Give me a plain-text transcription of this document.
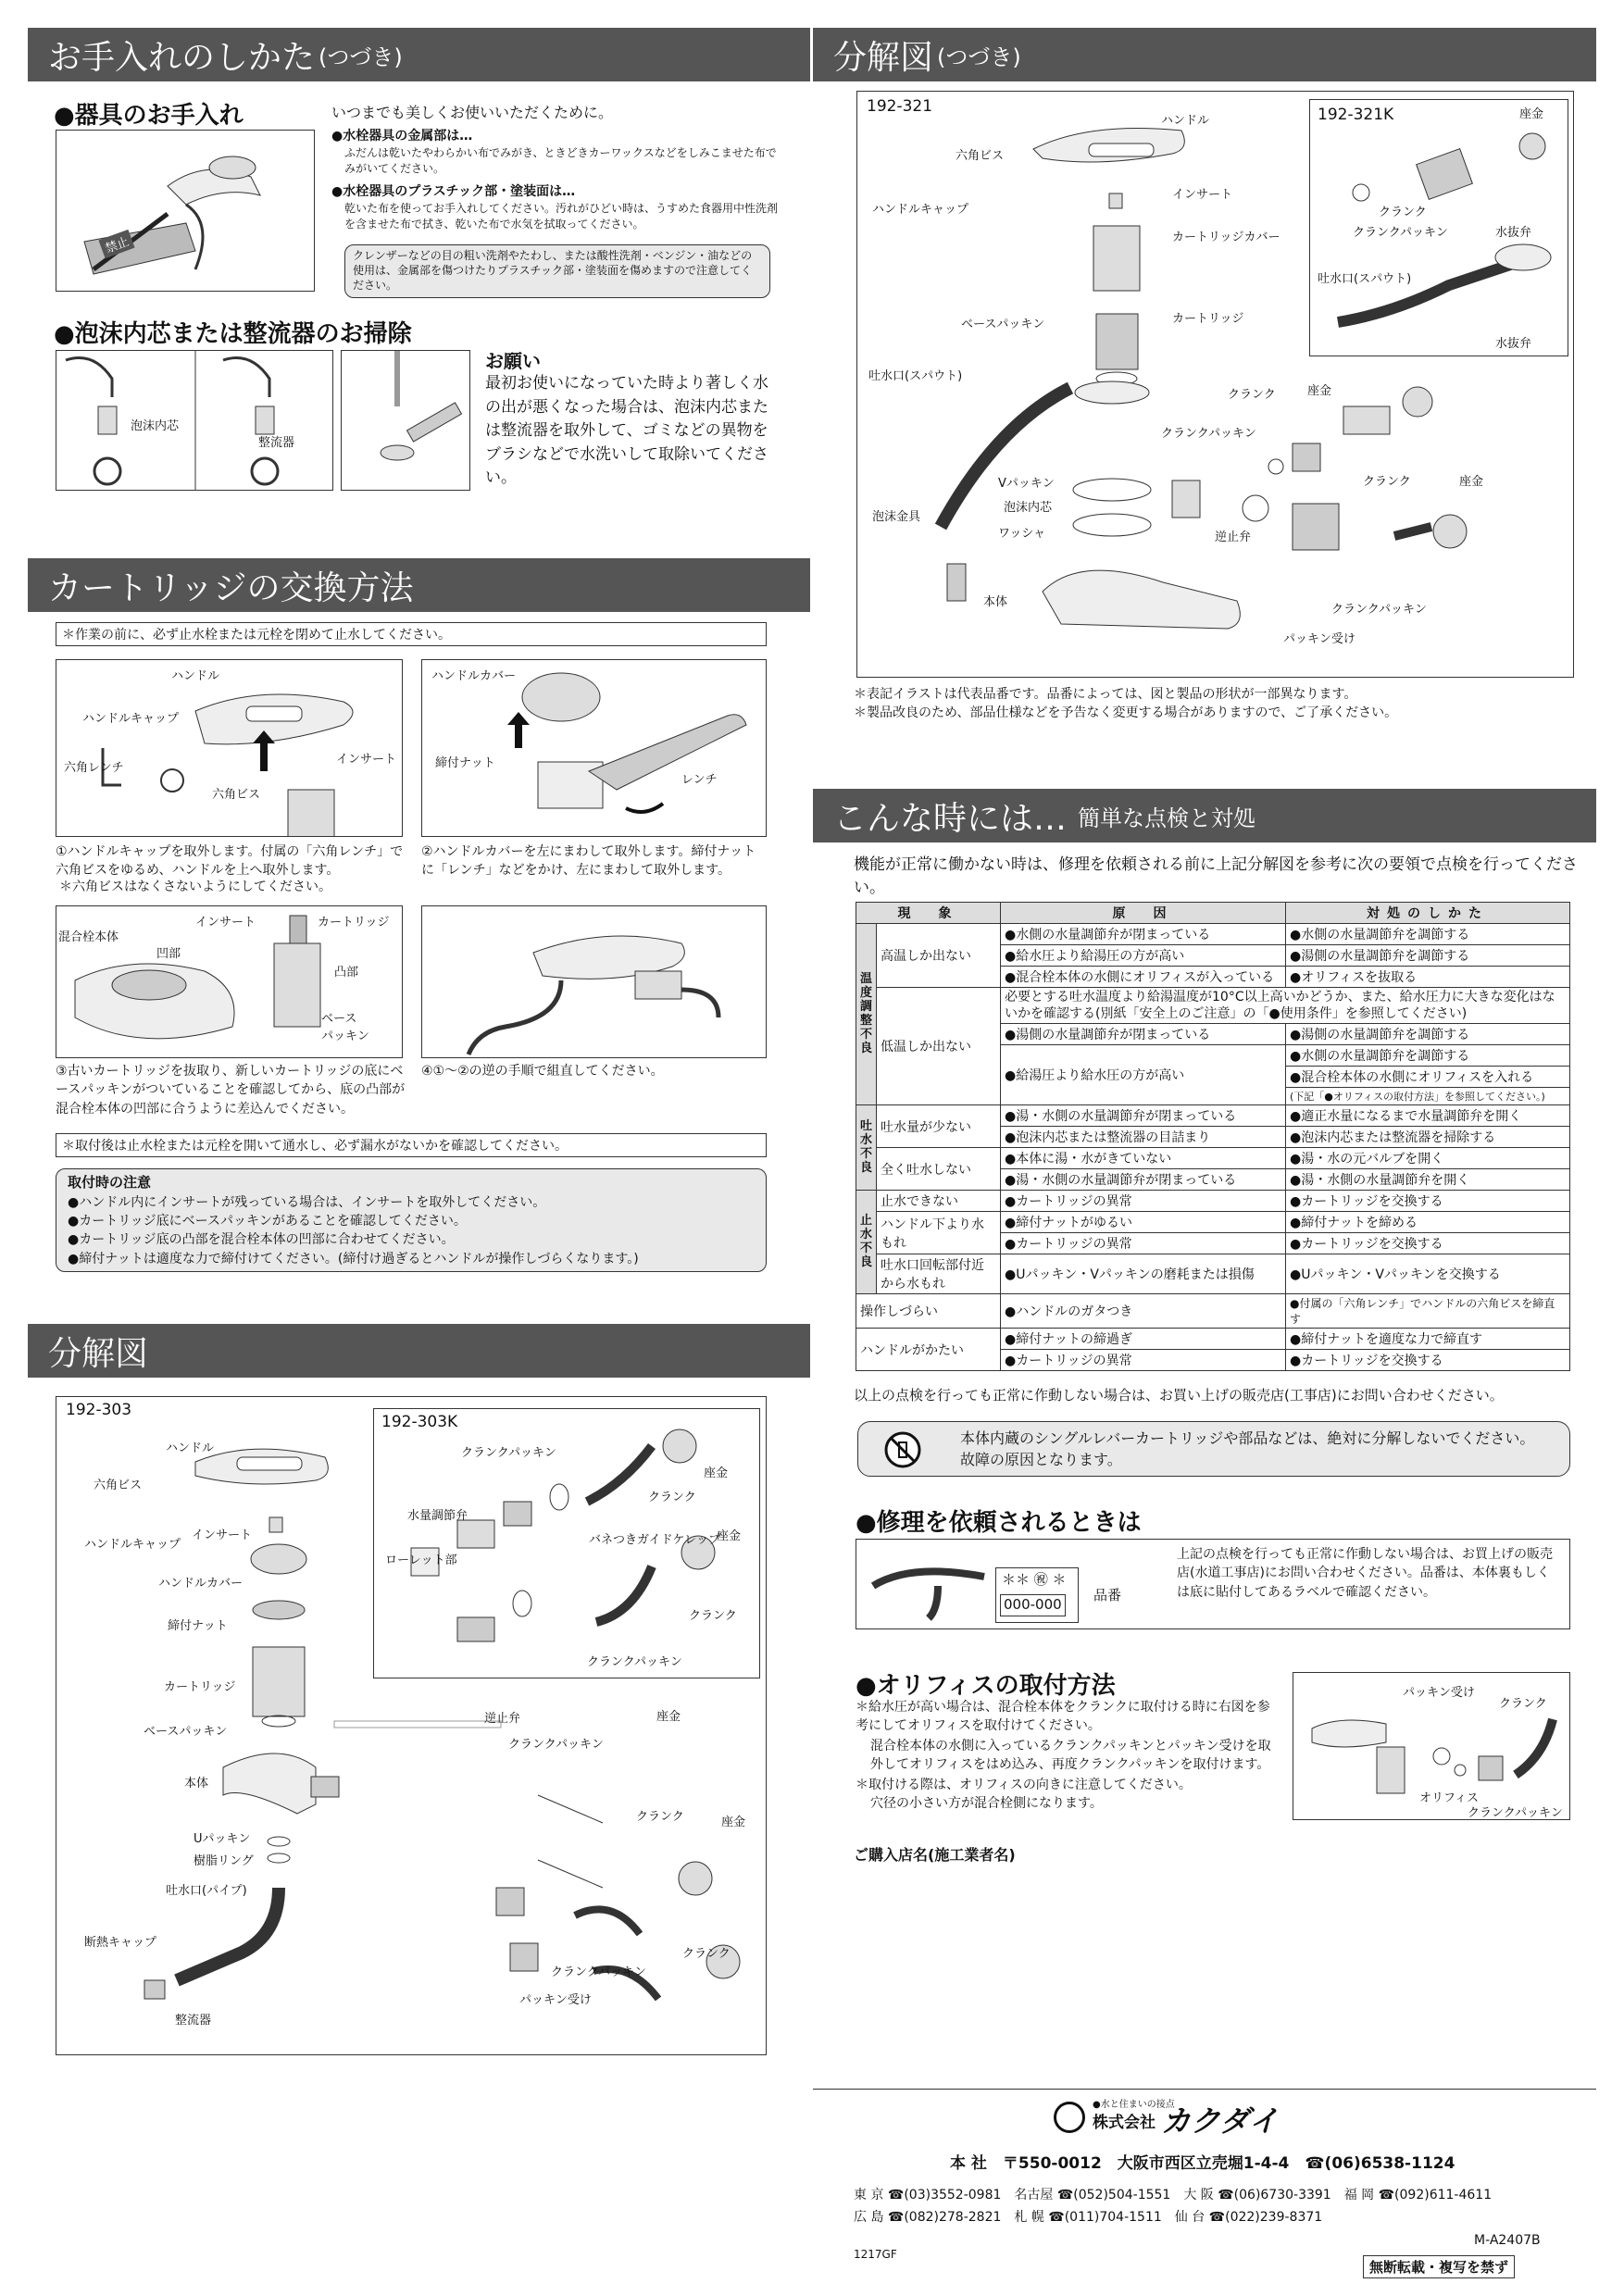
お手入れのしかた (つづき)
●器具のお手入れ
禁止
いつまでも美しくお使いいただくために。
●水栓器具の金属部は…
ふだんは乾いたやわらかい布でみがき、ときどきカーワックスなどをしみこませた布でみがいてください。
●水栓器具のプラスチック部・塗装面は…
乾いた布を使ってお手入れしてください。汚れがひどい時は、うすめた食器用中性洗剤を含ませた布で拭き、乾いた布で水気を拭取ってください。
クレンザーなどの目の粗い洗剤やたわし、または酸性洗剤・ベンジン・油などの使用は、金属部を傷つけたりプラスチック部・塗装面を傷めますので注意してください。
●泡沫内芯または整流器のお掃除
泡沫内芯
整流器
お願い
最初お使いになっていた時より著しく水の出が悪くなった場合は、泡沫内芯または整流器を取外して、ゴミなどの異物をブラシなどで水洗いして取除いてください。
カートリッジの交換方法
＊作業の前に、必ず止水栓または元栓を閉めて止水してください。
ハンドル
ハンドルキャップ
六角レンチ
六角ビス
インサート
ハンドルカバー
締付ナット
レンチ
①ハンドルキャップを取外します。付属の「六角レンチ」で六角ビスをゆるめ、ハンドルを上へ取外します。
＊六角ビスはなくさないようにしてください。
②ハンドルカバーを左にまわして取外します。締付ナットに「レンチ」などをかけ、左にまわして取外します。
混合栓本体
インサート	カートリッジ
凹部
凸部
ベース
パッキン
③古いカートリッジを抜取り、新しいカートリッジの底にベースパッキンがついていることを確認してから、底の凸部が混合栓本体の凹部に合うように差込んでください。
④①〜②の逆の手順で組直してください。
＊取付後は止水栓または元栓を開いて通水し、必ず漏水がないかを確認してください。
取付時の注意
●ハンドル内にインサートが残っている場合は、インサートを取外してください。
●カートリッジ底にベースパッキンがあることを確認してください。
●カートリッジ底の凸部を混合栓本体の凹部に合わせてください。
●締付ナットは適度な力で締付けてください。(締付け過ぎるとハンドルが操作しづらくなります。)
分解図
192-303
ハンドル
六角ビス
ハンドルキャップ
インサート
ハンドルカバー
締付ナット
カートリッジ
ベースパッキン
本体
Uパッキン
樹脂リング
吐水口(パイプ)
断熱キャップ
整流器
192-303K
クランクパッキン
座金
クランク
水量調節弁
バネつきガイドケレップ
ローレット部
座金
クランク
クランクパッキン
逆止弁
クランクパッキン
座金
クランク	座金
クランクパッキン
クランク
パッキン受け
分解図 (つづき)
192-321
ハンドル
六角ビス
ハンドルキャップ
インサート
カートリッジカバー
カートリッジ
ベースパッキン
吐水口(スパウト)
Vパッキン
泡沫内芯
泡沫金具
ワッシャ
本体
クランク	座金
クランクパッキン
逆止弁
クランク	座金
クランクパッキン
パッキン受け
192-321K	座金
クランク
クランクパッキン	水抜弁
吐水口(スパウト)
水抜弁
＊表記イラストは代表品番です。品番によっては、図と製品の形状が一部異なります。
＊製品改良のため、部品仕様などを予告なく変更する場合がありますので、ご了承ください。
こんな時には… 簡単な点検と対処
機能が正常に働かない時は、修理を依頼される前に上記分解図を参考に次の要領で点検を行ってください。
現　象		原　因	対処のしかた
温度調整不良	高温しか出ない	●水側の水量調節弁が閉まっている	●水側の水量調節弁を調節する
		●給水圧より給湯圧の方が高い	●湯側の水量調節弁を調節する
		●混合栓本体の水側にオリフィスが入っている	●オリフィスを抜取る
	低温しか出ない	必要とする吐水温度より給湯温度が10°C以上高いかどうか、また、給水圧力に大きな変化はないかを確認する(別紙「安全上のご注意」の「●使用条件」を参照してください)	
		●湯側の水量調節弁が閉まっている	●湯側の水量調節弁を調節する
		●給湯圧より給水圧の方が高い	●水側の水量調節弁を調節する
			●混合栓本体の水側にオリフィスを入れる
			(下記「●オリフィスの取付方法」を参照してください。)
吐水不良	吐水量が少ない	●湯・水側の水量調節弁が閉まっている	●適正水量になるまで水量調節弁を開く
		●泡沫内芯または整流器の目詰まり	●泡沫内芯または整流器を掃除する
	全く吐水しない	●本体に湯・水がきていない	●湯・水の元バルブを開く
		●湯・水側の水量調節弁が閉まっている	●湯・水側の水量調節弁を開く
止水不良	止水できない	●カートリッジの異常	●カートリッジを交換する
	ハンドル下より水もれ	●締付ナットがゆるい	●締付ナットを締める
		●カートリッジの異常	●カートリッジを交換する
	吐水口回転部付近から水もれ	●Uパッキン・Vパッキンの磨耗または損傷	●Uパッキン・Vパッキンを交換する

操作しづらい		●ハンドルのガタつき	●付属の「六角レンチ」でハンドルの六角ビスを締直す
ハンドルがかたい		●締付ナットの締過ぎ	●締付ナットを適度な力で締直す
		●カートリッジの異常	●カートリッジを交換する
以上の点検を行っても正常に作動しない場合は、お買い上げの販売店(工事店)にお問い合わせください。
本体内蔵のシングルレバーカートリッジや部品などは、絶対に分解しないでください。故障の原因となります。
●修理を依頼されるときは
＊＊ ㊗ ＊
000-000
品番
上記の点検を行っても正常に作動しない場合は、お買上げの販売店(水道工事店)にお問い合わせください。品番は、本体裏もしくは底に貼付してあるラベルで確認ください。
●オリフィスの取付方法
＊給水圧が高い場合は、混合栓本体をクランクに取付ける時に右図を参考にしてオリフィスを取付けてください。
混合栓本体の水側に入っているクランクパッキンとパッキン受けを取外してオリフィスをはめ込み、再度クランクパッキンを取付けます。
＊取付ける際は、オリフィスの向きに注意してください。
穴径の小さい方が混合栓側になります。
パッキン受け
クランク
オリフィス
クランクパッキン
ご購入店名(施工業者名)
●水と住まいの接点
株式会社 カクダイ
本 社　〒550-0012　大阪市西区立売堀1-4-4　☎(06)6538-1124
東 京 ☎(03)3552-0981　名古屋 ☎(052)504-1551　大 阪 ☎(06)6730-3391　福 岡 ☎(092)611-4611
広 島 ☎(082)278-2821　札 幌 ☎(011)704-1511　仙 台 ☎(022)239-8371
M-A2407B
1217GF
無断転載・複写を禁ず
